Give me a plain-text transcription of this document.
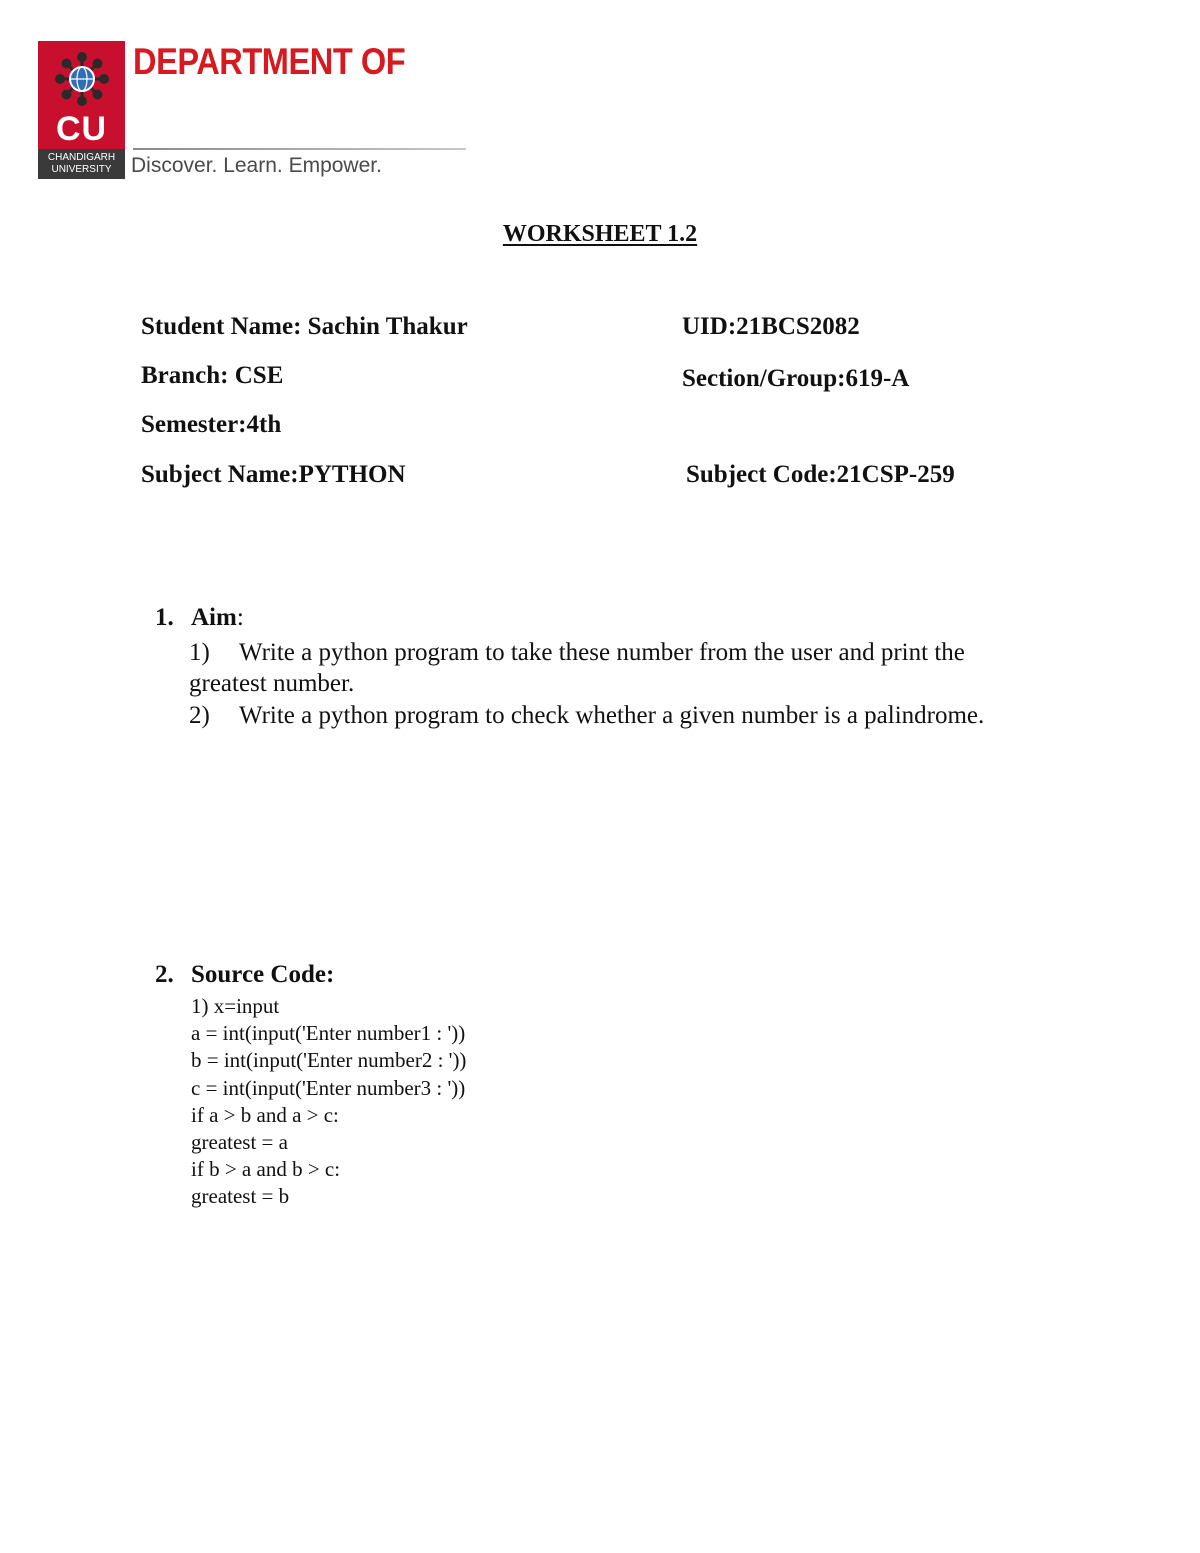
CU
CHANDIGARH
UNIVERSITY
DEPARTMENT OF
Discover. Learn. Empower.
WORKSHEET 1.2
Student Name: Sachin Thakur	UID:21BCS2082
Branch: CSE	Section/Group:619-A
Semester:4th
Subject Name:PYTHON	Subject Code:21CSP-259
1. Aim:
1) Write a python program to take these number from the user and print the greatest number.
2) Write a python program to check whether a given number is a palindrome.
2. Source Code:
1) x=input
a = int(input('Enter number1 : '))
b = int(input('Enter number2 : '))
c = int(input('Enter number3 : '))
if a > b and a > c:
greatest = a
if b > a and b > c:
greatest = b
